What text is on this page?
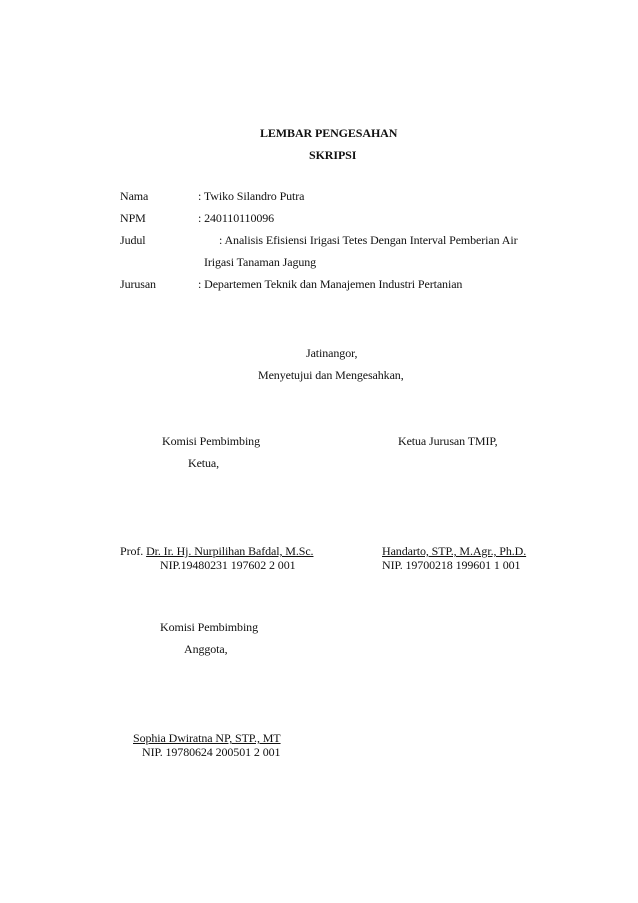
LEMBAR PENGESAHAN
SKRIPSI
Nama	: Twiko Silandro Putra
NPM	: 240110110096
Judul	: Analisis Efisiensi Irigasi Tetes Dengan Interval Pemberian Air
Irigasi Tanaman Jagung
Jurusan	: Departemen Teknik dan Manajemen Industri Pertanian
Jatinangor,
Menyetujui dan Mengesahkan,
Komisi Pembimbing
Ketua,
Ketua Jurusan TMIP,
Prof. Dr. Ir. Hj. Nurpilihan Bafdal, M.Sc.
NIP.19480231 197602 2 001
Handarto, STP., M.Agr., Ph.D.
NIP. 19700218 199601 1 001
Komisi Pembimbing
Anggota,
Sophia Dwiratna NP, STP., MT
NIP. 19780624 200501 2 001
